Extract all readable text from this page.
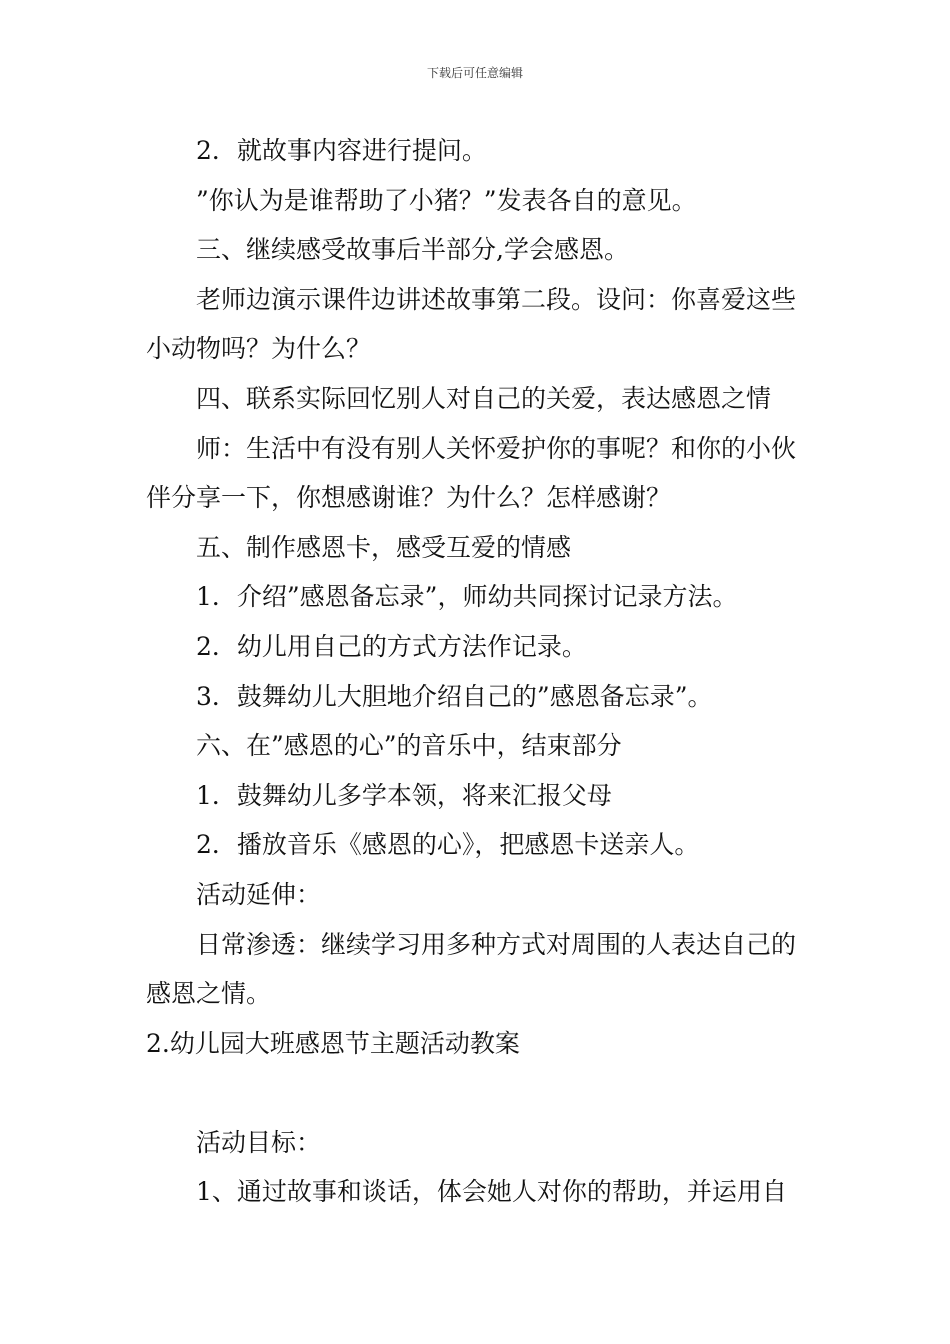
下载后可任意编辑

2．就故事内容进行提问。

”你认为是谁帮助了小猪？”发表各自的意见。

三、继续感受故事后半部分,学会感恩。

老师边演示课件边讲述故事第二段。设问：你喜爱这些小动物吗？为什么？

四、联系实际回忆别人对自己的关爱，表达感恩之情

师：生活中有没有别人关怀爱护你的事呢？和你的小伙伴分享一下，你想感谢谁？为什么？怎样感谢？

五、制作感恩卡，感受互爱的情感

1．介绍”感恩备忘录”，师幼共同探讨记录方法。

2．幼儿用自己的方式方法作记录。

3．鼓舞幼儿大胆地介绍自己的”感恩备忘录”。

六、在”感恩的心”的音乐中，结束部分

1．鼓舞幼儿多学本领，将来汇报父母

2．播放音乐《感恩的心》，把感恩卡送亲人。

活动延伸：

日常渗透：继续学习用多种方式对周围的人表达自己的感恩之情。

2.幼儿园大班感恩节主题活动教案

活动目标：

1、通过故事和谈话，体会她人对你的帮助，并运用自
